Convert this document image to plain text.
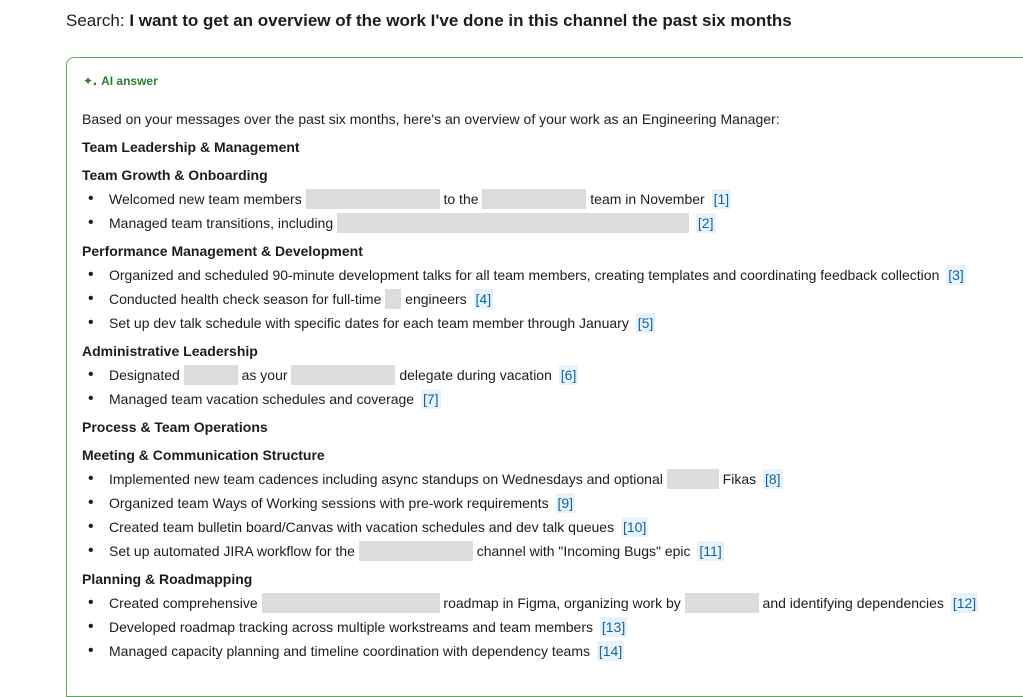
Search: I want to get an overview of the work I've done in this channel the past six months
✦․ AI answer

Based on your messages over the past six months, here's an overview of your work as an Engineering Manager:

Team Leadership & Management

Team Growth & Onboarding

• Welcomed new team members	to the	team in November [1]
• Managed team transitions, including	[2]

Performance Management & Development

• Organized and scheduled 90-minute development talks for all team members, creating templates and coordinating feedback collection [3]
• Conducted health check season for full-time engineers [4]
• Set up dev talk schedule with specific dates for each team member through January [5]

Administrative Leadership

• Designated	as your	delegate during vacation [6]
• Managed team vacation schedules and coverage [7]

Process & Team Operations

Meeting & Communication Structure

• Implemented new team cadences including async standups on Wednesdays and optional	Fikas [8]
• Organized team Ways of Working sessions with pre-work requirements [9]
• Created team bulletin board/Canvas with vacation schedules and dev talk queues [10]
• Set up automated JIRA workflow for the	channel with "Incoming Bugs" epic [11]

Planning & Roadmapping

• Created comprehensive	roadmap in Figma, organizing work by	and identifying dependencies [12]
• Developed roadmap tracking across multiple workstreams and team members [13]
• Managed capacity planning and timeline coordination with dependency teams [14]
